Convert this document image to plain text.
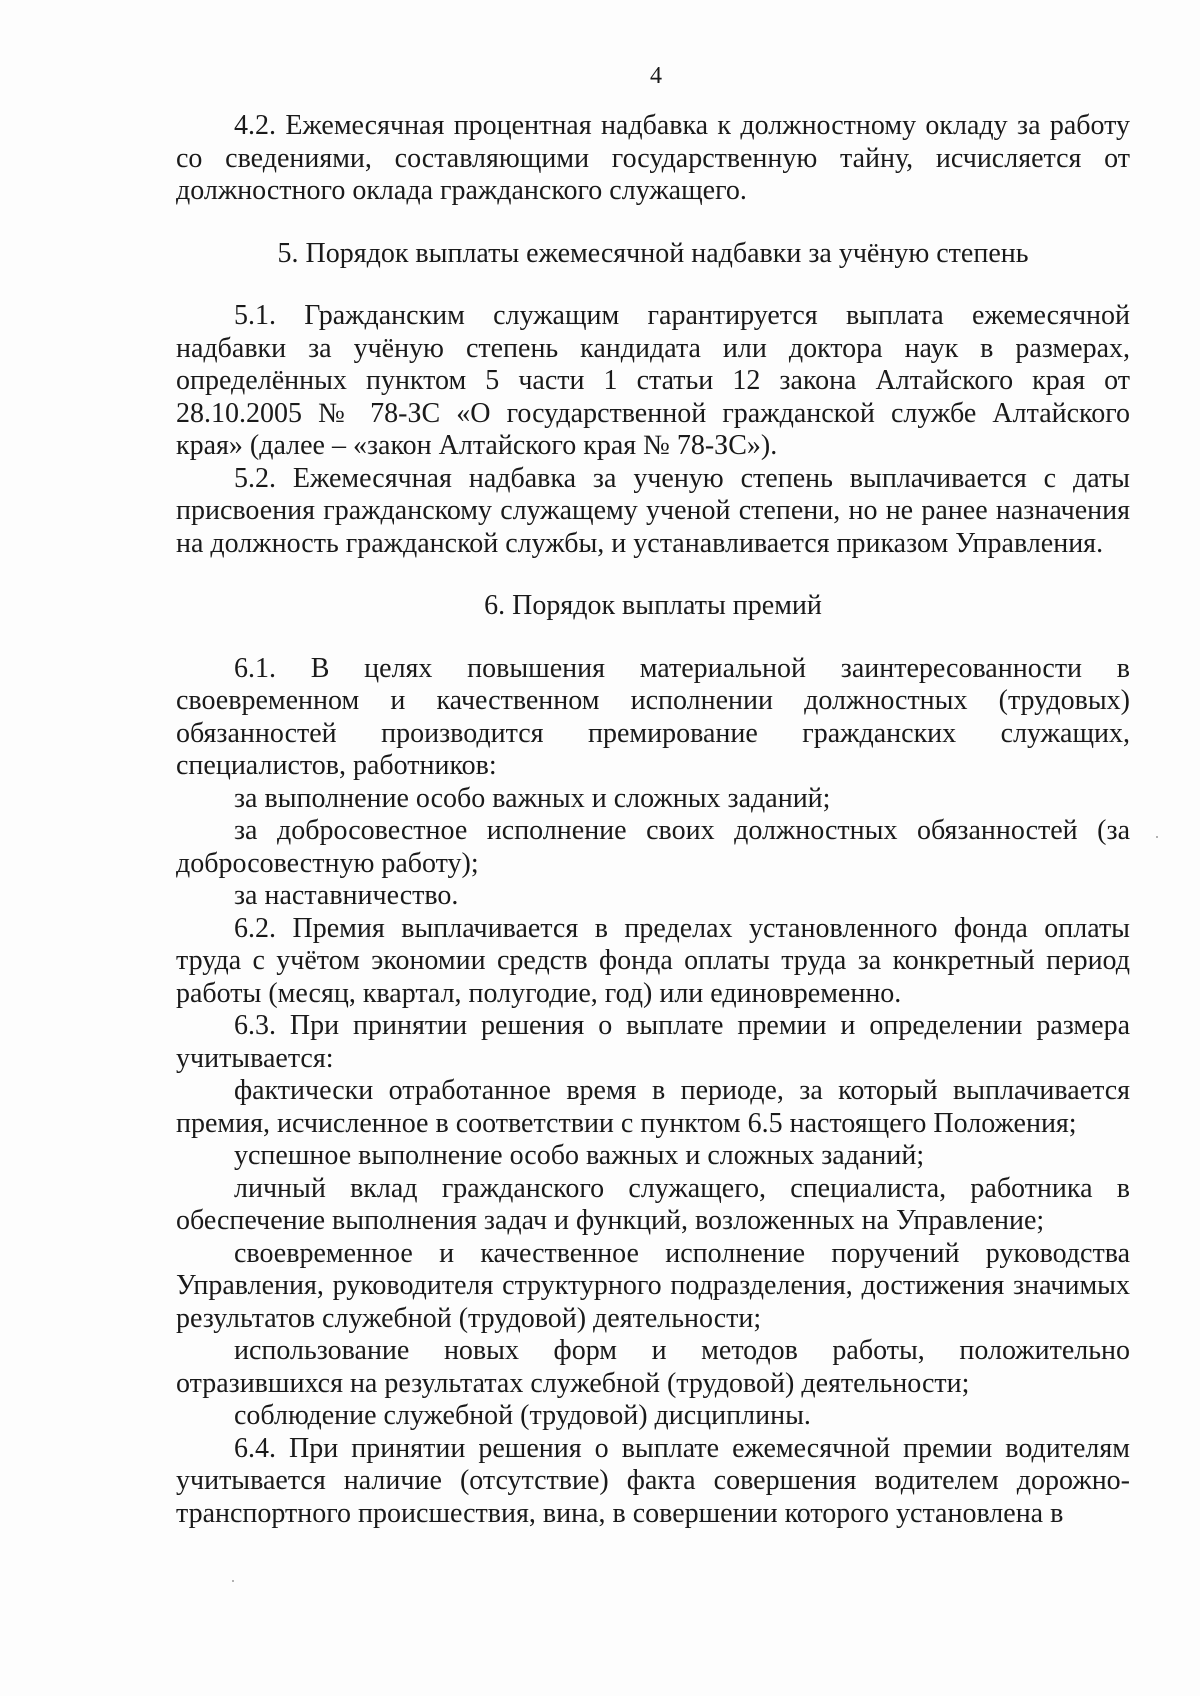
4

4.2. Ежемесячная процентная надбавка к должностному окладу за работу со сведениями, составляющими государственную тайну, исчисляется от должностного оклада гражданского служащего.

5. Порядок выплаты ежемесячной надбавки за учёную степень

5.1. Гражданским служащим гарантируется выплата ежемесячной надбавки за учёную степень кандидата или доктора наук в размерах, определённых пунктом 5 части 1 статьи 12 закона Алтайского края от 28.10.2005 № 78-ЗС «О государственной гражданской службе Алтайского края» (далее – «закон Алтайского края № 78-ЗС»).

5.2. Ежемесячная надбавка за ученую степень выплачивается с даты присвоения гражданскому служащему ученой степени, но не ранее назначения на должность гражданской службы, и устанавливается приказом Управления.

6. Порядок выплаты премий

6.1. В целях повышения материальной заинтересованности в своевременном и качественном исполнении должностных (трудовых) обязанностей производится премирование гражданских служащих, специалистов, работников:

за выполнение особо важных и сложных заданий;

за добросовестное исполнение своих должностных обязанностей (за добросовестную работу);

за наставничество.

6.2. Премия выплачивается в пределах установленного фонда оплаты труда с учётом экономии средств фонда оплаты труда за конкретный период работы (месяц, квартал, полугодие, год) или единовременно.

6.3. При принятии решения о выплате премии и определении размера учитывается:

фактически отработанное время в периоде, за который выплачивается премия, исчисленное в соответствии с пунктом 6.5 настоящего Положения;

успешное выполнение особо важных и сложных заданий;

личный вклад гражданского служащего, специалиста, работника в обеспечение выполнения задач и функций, возложенных на Управление;

своевременное и качественное исполнение поручений руководства Управления, руководителя структурного подразделения, достижения значимых результатов служебной (трудовой) деятельности;

использование новых форм и методов работы, положительно отразившихся на результатах служебной (трудовой) деятельности;

соблюдение служебной (трудовой) дисциплины.

6.4. При принятии решения о выплате ежемесячной премии водителям учитывается наличие (отсутствие) факта совершения водителем дорожно-транспортного происшествия, вина, в совершении которого установлена в
